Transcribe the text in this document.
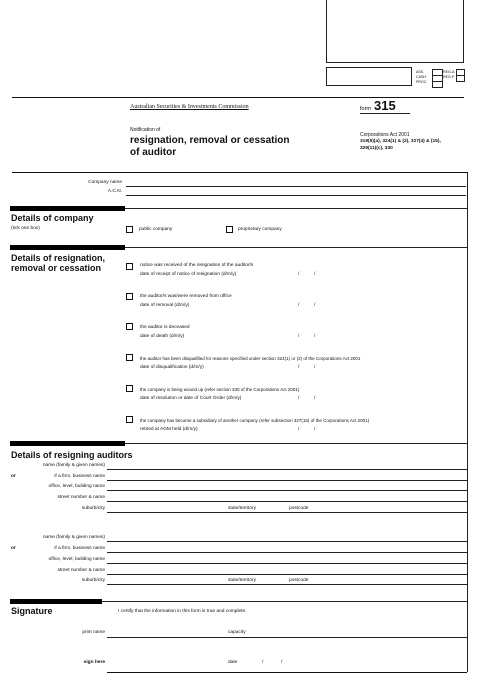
ASS.
CASH.
PROC.
REG-A
REG-P
Australian Securities & Investments Commission	form 315
Notification of
resignation, removal or cessation
of auditor
Corporations Act 2001
319(5)(a), 324(1) & (2), 327(4) & (15),
329(11)(c), 330
Company name
A.C.N.
Details of company
(tick one box)	public company	proprietary company
Details of resignation,
removal or cessation	notice was received of the resignation of the auditor/s
date of receipt of notice of resignation (d/m/y)	/	/
the auditor/s was/were removed from office
date of removal (d/m/y)	/	/
the auditor is deceased
date of death (d/m/y)	/	/
the auditor has been disqualified for reasons specified under section 324(1) or (2) of the Corporations Act 2001
date of disqualification (d/m/y)	/	/
the company is being wound up (refer section 330 of the Corporations Act 2001)
date of resolution or date of Court Order (d/m/y)	/	/
the company has become a subsidiary of another company (refer subsection 327(15) of the Corporations Act 2001)
retired at AGM held (d/m/y)	/	/
Details of resigning auditors
name (family & given names)
or	if a firm, business name
office, level, building name
street number & name
suburb/city	state/territory	postcode
name (family & given names)
or	if a firm, business name
office, level, building name
street number & name
suburb/city	state/territory	postcode
Signature	I certify that the information in this form is true and complete.
print name	capacity
sign here	date	/	/
